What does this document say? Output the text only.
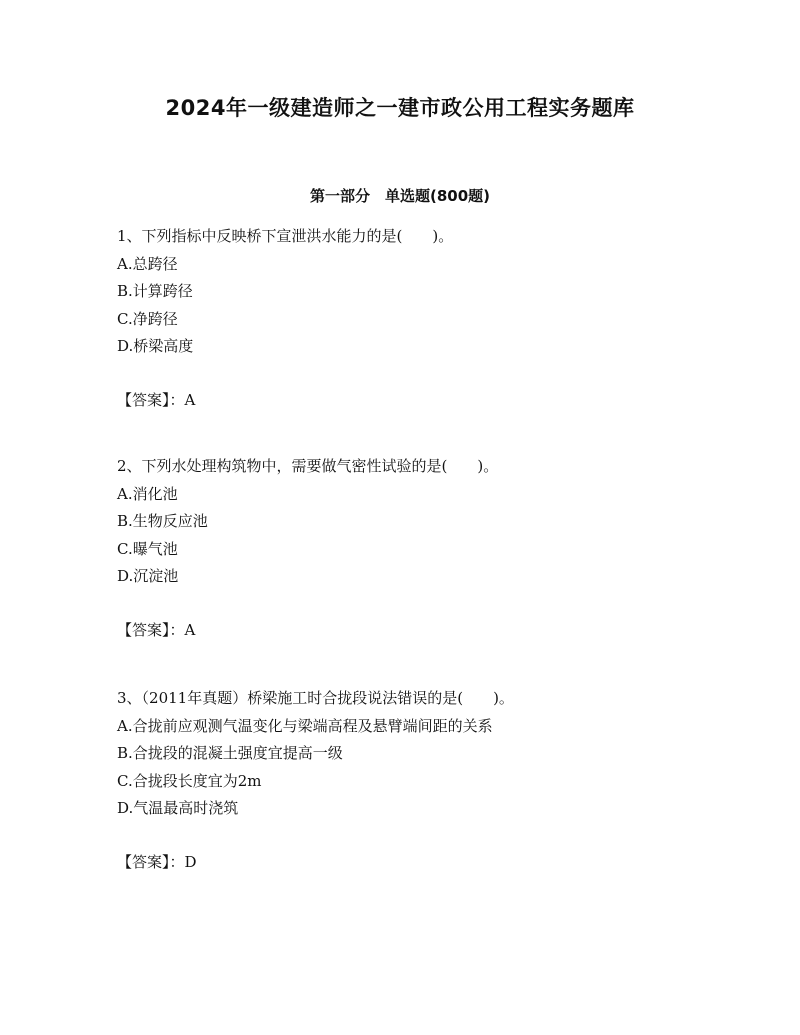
2024年一级建造师之一建市政公用工程实务题库
第一部分　单选题(800题)
1、下列指标中反映桥下宣泄洪水能力的是(　　)。
A.总跨径
B.计算跨径
C.净跨径
D.桥梁高度
【答案】：A
2、下列水处理构筑物中，需要做气密性试验的是(　　)。
A.消化池
B.生物反应池
C.曝气池
D.沉淀池
【答案】：A
3、（2011年真题）桥梁施工时合拢段说法错误的是(　　)。
A.合拢前应观测气温变化与梁端高程及悬臂端间距的关系
B.合拢段的混凝土强度宜提高一级
C.合拢段长度宜为2m
D.气温最高时浇筑
【答案】：D
